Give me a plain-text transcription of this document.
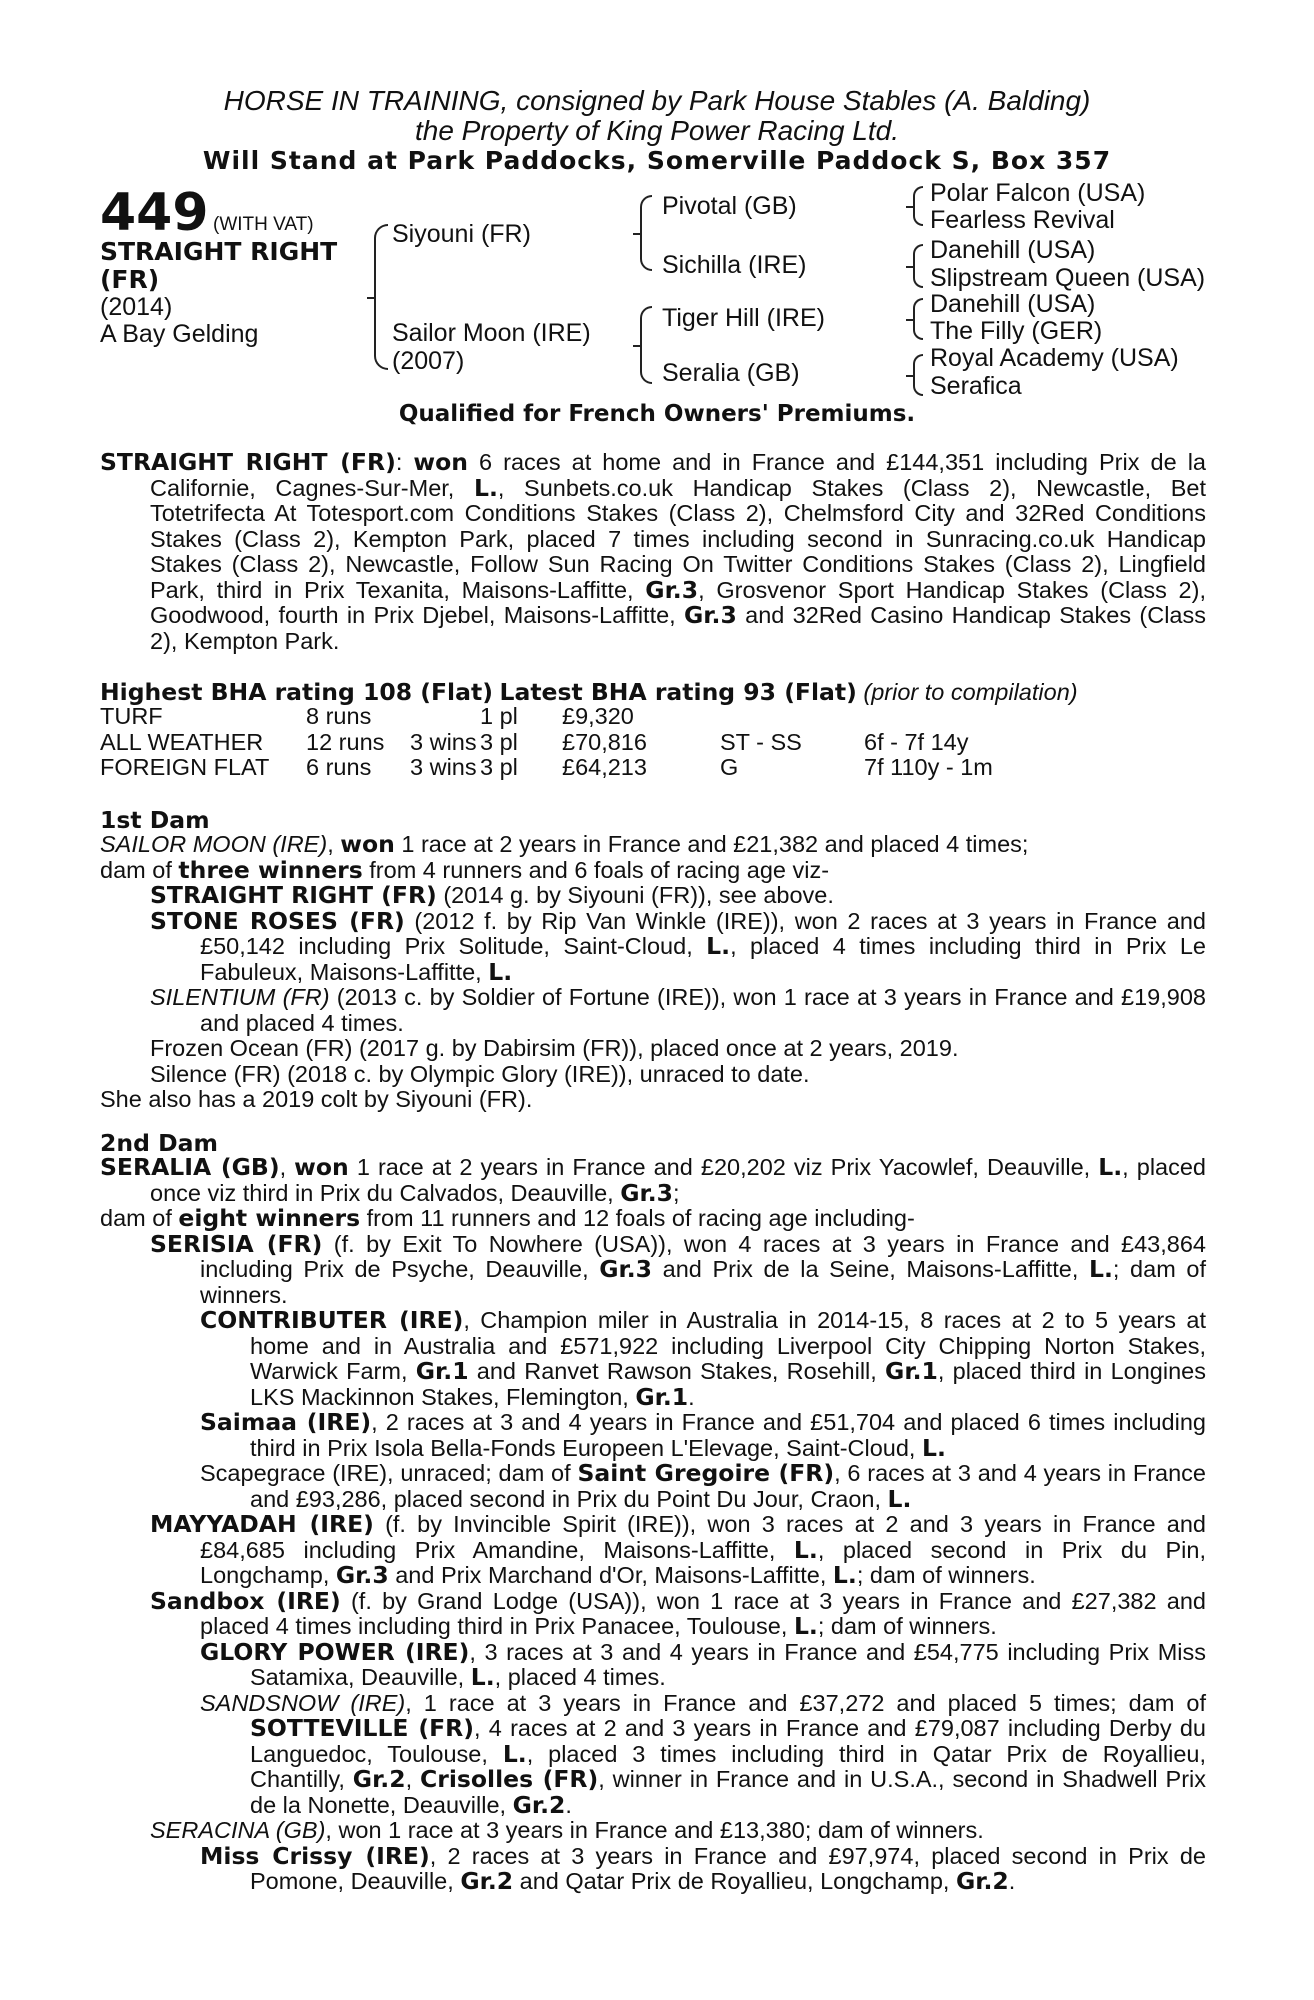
HORSE IN TRAINING, consigned by Park House Stables (A. Balding)
the Property of King Power Racing Ltd.
Will Stand at Park Paddocks, Somerville Paddock S, Box 357
449 (WITH VAT)
STRAIGHT RIGHT
(FR)
(2014)
A Bay Gelding
Siyouni (FR)
Sailor Moon (IRE)
(2007)
Pivotal (GB)
Sichilla (IRE)
Tiger Hill (IRE)
Seralia (GB)
Polar Falcon (USA)
Fearless Revival
Danehill (USA)
Slipstream Queen (USA)
Danehill (USA)
The Filly (GER)
Royal Academy (USA)
Serafica
Qualified for French Owners' Premiums.

STRAIGHT RIGHT (FR): won 6 races at home and in France and £144,351 including Prix de la Californie, Cagnes-Sur-Mer, L., Sunbets.co.uk Handicap Stakes (Class 2), Newcastle, Bet Totetrifecta At Totesport.com Conditions Stakes (Class 2), Chelmsford City and 32Red Conditions Stakes (Class 2), Kempton Park, placed 7 times including second in Sunracing.co.uk Handicap Stakes (Class 2), Newcastle, Follow Sun Racing On Twitter Conditions Stakes (Class 2), Lingfield Park, third in Prix Texanita, Maisons-Laffitte, Gr.3, Grosvenor Sport Handicap Stakes (Class 2), Goodwood, fourth in Prix Djebel, Maisons-Laffitte, Gr.3 and 32Red Casino Handicap Stakes (Class 2), Kempton Park.

Highest BHA rating 108 (Flat) Latest BHA rating 93 (Flat) (prior to compilation)
TURF	8 runs		1 pl	£9,320		
ALL WEATHER	12 runs	3 wins	3 pl	£70,816	ST - SS	6f - 7f 14y
FOREIGN FLAT	6 runs	3 wins	3 pl	£64,213	G	7f 110y - 1m
1st Dam

SAILOR MOON (IRE), won 1 race at 2 years in France and £21,382 and placed 4 times;

dam of three winners from 4 runners and 6 foals of racing age viz-

STRAIGHT RIGHT (FR) (2014 g. by Siyouni (FR)), see above.

STONE ROSES (FR) (2012 f. by Rip Van Winkle (IRE)), won 2 races at 3 years in France and £50,142 including Prix Solitude, Saint-Cloud, L., placed 4 times including third in Prix Le Fabuleux, Maisons-Laffitte, L.

SILENTIUM (FR) (2013 c. by Soldier of Fortune (IRE)), won 1 race at 3 years in France and £19,908 and placed 4 times.

Frozen Ocean (FR) (2017 g. by Dabirsim (FR)), placed once at 2 years, 2019.

Silence (FR) (2018 c. by Olympic Glory (IRE)), unraced to date.

She also has a 2019 colt by Siyouni (FR).

2nd Dam

SERALIA (GB), won 1 race at 2 years in France and £20,202 viz Prix Yacowlef, Deauville, L., placed once viz third in Prix du Calvados, Deauville, Gr.3;

dam of eight winners from 11 runners and 12 foals of racing age including-

SERISIA (FR) (f. by Exit To Nowhere (USA)), won 4 races at 3 years in France and £43,864 including Prix de Psyche, Deauville, Gr.3 and Prix de la Seine, Maisons-Laffitte, L.; dam of winners.

CONTRIBUTER (IRE), Champion miler in Australia in 2014-15, 8 races at 2 to 5 years at home and in Australia and £571,922 including Liverpool City Chipping Norton Stakes, Warwick Farm, Gr.1 and Ranvet Rawson Stakes, Rosehill, Gr.1, placed third in Longines LKS Mackinnon Stakes, Flemington, Gr.1.

Saimaa (IRE), 2 races at 3 and 4 years in France and £51,704 and placed 6 times including third in Prix Isola Bella-Fonds Europeen L'Elevage, Saint-Cloud, L.

Scapegrace (IRE), unraced; dam of Saint Gregoire (FR), 6 races at 3 and 4 years in France and £93,286, placed second in Prix du Point Du Jour, Craon, L.

MAYYADAH (IRE) (f. by Invincible Spirit (IRE)), won 3 races at 2 and 3 years in France and £84,685 including Prix Amandine, Maisons-Laffitte, L., placed second in Prix du Pin, Longchamp, Gr.3 and Prix Marchand d'Or, Maisons-Laffitte, L.; dam of winners.

Sandbox (IRE) (f. by Grand Lodge (USA)), won 1 race at 3 years in France and £27,382 and placed 4 times including third in Prix Panacee, Toulouse, L.; dam of winners.

GLORY POWER (IRE), 3 races at 3 and 4 years in France and £54,775 including Prix Miss Satamixa, Deauville, L., placed 4 times.

SANDSNOW (IRE), 1 race at 3 years in France and £37,272 and placed 5 times; dam of SOTTEVILLE (FR), 4 races at 2 and 3 years in France and £79,087 including Derby du Languedoc, Toulouse, L., placed 3 times including third in Qatar Prix de Royallieu, Chantilly, Gr.2, Crisolles (FR), winner in France and in U.S.A., second in Shadwell Prix de la Nonette, Deauville, Gr.2.

SERACINA (GB), won 1 race at 3 years in France and £13,380; dam of winners.

Miss Crissy (IRE), 2 races at 3 years in France and £97,974, placed second in Prix de Pomone, Deauville, Gr.2 and Qatar Prix de Royallieu, Longchamp, Gr.2.
